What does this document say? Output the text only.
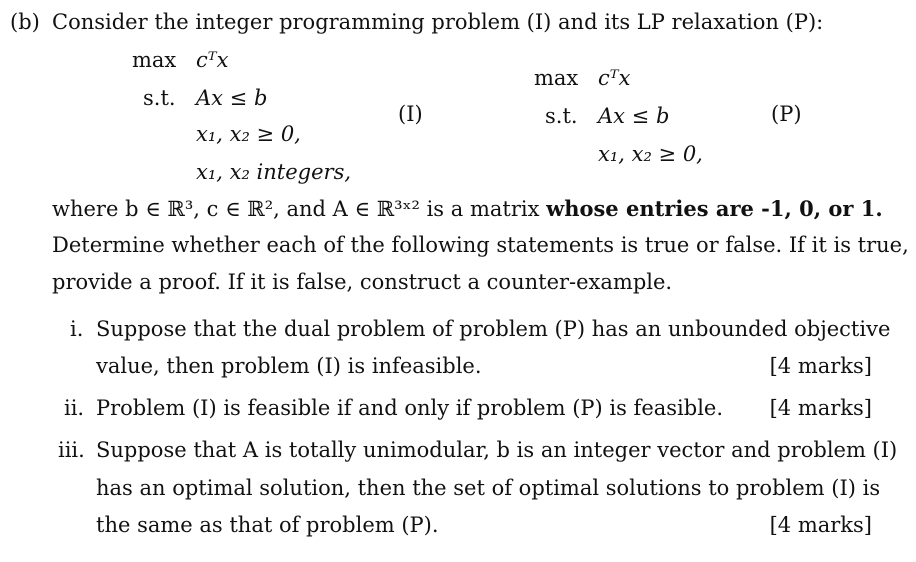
(b) Consider the integer programming problem (I) and its LP relaxation (P):
max cᵀx
s.t. Ax ≤ b
x₁, x₂ ≥ 0,
x₁, x₂ integers,
(I)
max cᵀx
s.t. Ax ≤ b
x₁, x₂ ≥ 0,
(P)
where b ∈ ℝ³, c ∈ ℝ², and A ∈ ℝ³ˣ² is a matrix whose entries are -1, 0, or 1.
Determine whether each of the following statements is true or false. If it is true,
provide a proof. If it is false, construct a counter-example.
i. Suppose that the dual problem of problem (P) has an unbounded objective
value, then problem (I) is infeasible.	[4 marks]
ii. Problem (I) is feasible if and only if problem (P) is feasible. [4 marks]
iii. Suppose that A is totally unimodular, b is an integer vector and problem (I)
has an optimal solution, then the set of optimal solutions to problem (I) is
the same as that of problem (P).	[4 marks]
